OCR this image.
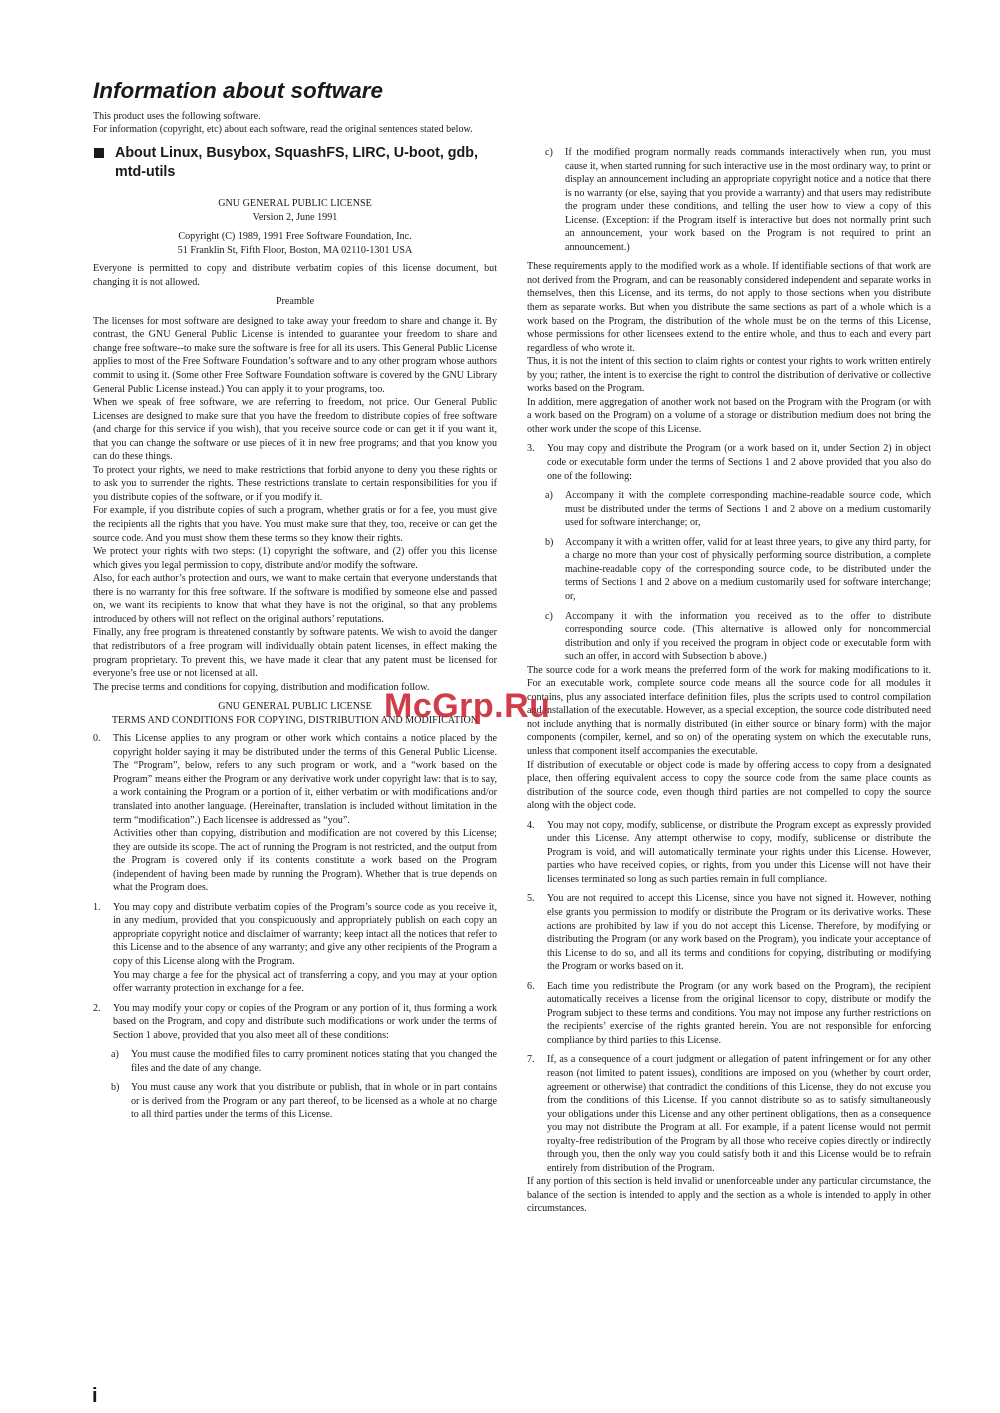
Information about software

This product uses the following software.

For information (copyright, etc) about each software, read the original sentences stated below.

About Linux, Busybox, SquashFS, LIRC, U-boot, gdb, mtd-utils

GNU GENERAL PUBLIC LICENSE

Version 2, June 1991

Copyright (C) 1989, 1991 Free Software Foundation, Inc.

51 Franklin St, Fifth Floor, Boston, MA 02110-1301 USA

Everyone is permitted to copy and distribute verbatim copies of this license document, but changing it is not allowed.

Preamble

The licenses for most software are designed to take away your freedom to share and change it. By contrast, the GNU General Public License is intended to guarantee your freedom to share and change free software--to make sure the software is free for all its users. This General Public License applies to most of the Free Software Foundation’s software and to any other program whose authors commit to using it. (Some other Free Software Foundation software is covered by the GNU Library General Public License instead.) You can apply it to your programs, too.

When we speak of free software, we are referring to freedom, not price. Our General Public Licenses are designed to make sure that you have the freedom to distribute copies of free software (and charge for this service if you wish), that you receive source code or can get it if you want it, that you can change the software or use pieces of it in new free programs; and that you know you can do these things.

To protect your rights, we need to make restrictions that forbid anyone to deny you these rights or to ask you to surrender the rights. These restrictions translate to certain responsibilities for you if you distribute copies of the software, or if you modify it.

For example, if you distribute copies of such a program, whether gratis or for a fee, you must give the recipients all the rights that you have. You must make sure that they, too, receive or can get the source code. And you must show them these terms so they know their rights.

We protect your rights with two steps: (1) copyright the software, and (2) offer you this license which gives you legal permission to copy, distribute and/or modify the software.

Also, for each author’s protection and ours, we want to make certain that everyone understands that there is no warranty for this free software. If the software is modified by someone else and passed on, we want its recipients to know that what they have is not the original, so that any problems introduced by others will not reflect on the original authors’ reputations.

Finally, any free program is threatened constantly by software patents. We wish to avoid the danger that redistributors of a free program will individually obtain patent licenses, in effect making the program proprietary. To prevent this, we have made it clear that any patent must be licensed for everyone’s free use or not licensed at all.

The precise terms and conditions for copying, distribution and modification follow.

GNU GENERAL PUBLIC LICENSE

TERMS AND CONDITIONS FOR COPYING, DISTRIBUTION AND MODIFICATION

0.	This License applies to any program or other work which contains a notice placed by the copyright holder saying it may be distributed under the terms of this General Public License. The “Program”, below, refers to any such program or work, and a “work based on the Program” means either the Program or any derivative work under copyright law: that is to say, a work containing the Program or a portion of it, either verbatim or with modifications and/or translated into another language. (Hereinafter, translation is included without limitation in the term “modification”.) Each licensee is addressed as “you”.

Activities other than copying, distribution and modification are not covered by this License; they are outside its scope. The act of running the Program is not restricted, and the output from the Program is covered only if its contents constitute a work based on the Program (independent of having been made by running the Program). Whether that is true depends on what the Program does.

1.	You may copy and distribute verbatim copies of the Program’s source code as you receive it, in any medium, provided that you conspicuously and appropriately publish on each copy an appropriate copyright notice and disclaimer of warranty; keep intact all the notices that refer to this License and to the absence of any warranty; and give any other recipients of the Program a copy of this License along with the Program.

You may charge a fee for the physical act of transferring a copy, and you may at your option offer warranty protection in exchange for a fee.

2.	You may modify your copy or copies of the Program or any portion of it, thus forming a work based on the Program, and copy and distribute such modifications or work under the terms of Section 1 above, provided that you also meet all of these conditions:

a)	You must cause the modified files to carry prominent notices stating that you changed the files and the date of any change.

b)	You must cause any work that you distribute or publish, that in whole or in part contains or is derived from the Program or any part thereof, to be licensed as a whole at no charge to all third parties under the terms of this License.

c)	If the modified program normally reads commands interactively when run, you must cause it, when started running for such interactive use in the most ordinary way, to print or display an announcement including an appropriate copyright notice and a notice that there is no warranty (or else, saying that you provide a warranty) and that users may redistribute the program under these conditions, and telling the user how to view a copy of this License. (Exception: if the Program itself is interactive but does not normally print such an announcement, your work based on the Program is not required to print an announcement.)

These requirements apply to the modified work as a whole. If identifiable sections of that work are not derived from the Program, and can be reasonably considered independent and separate works in themselves, then this License, and its terms, do not apply to those sections when you distribute them as separate works. But when you distribute the same sections as part of a whole which is a work based on the Program, the distribution of the whole must be on the terms of this License, whose permissions for other licensees extend to the entire whole, and thus to each and every part regardless of who wrote it.

Thus, it is not the intent of this section to claim rights or contest your rights to work written entirely by you; rather, the intent is to exercise the right to control the distribution of derivative or collective works based on the Program.

In addition, mere aggregation of another work not based on the Program with the Program (or with a work based on the Program) on a volume of a storage or distribution medium does not bring the other work under the scope of this License.

3.	You may copy and distribute the Program (or a work based on it, under Section 2) in object code or executable form under the terms of Sections 1 and 2 above provided that you also do one of the following:

a)	Accompany it with the complete corresponding machine-readable source code, which must be distributed under the terms of Sections 1 and 2 above on a medium customarily used for software interchange; or,

b)	Accompany it with a written offer, valid for at least three years, to give any third party, for a charge no more than your cost of physically performing source distribution, a complete machine-readable copy of the corresponding source code, to be distributed under the terms of Sections 1 and 2 above on a medium customarily used for software interchange; or,

c)	Accompany it with the information you received as to the offer to distribute corresponding source code. (This alternative is allowed only for noncommercial distribution and only if you received the program in object code or executable form with such an offer, in accord with Subsection b above.)

The source code for a work means the preferred form of the work for making modifications to it. For an executable work, complete source code means all the source code for all modules it contains, plus any associated interface definition files, plus the scripts used to control compilation and installation of the executable. However, as a special exception, the source code distributed need not include anything that is normally distributed (in either source or binary form) with the major components (compiler, kernel, and so on) of the operating system on which the executable runs, unless that component itself accompanies the executable.

If distribution of executable or object code is made by offering access to copy from a designated place, then offering equivalent access to copy the source code from the same place counts as distribution of the source code, even though third parties are not compelled to copy the source along with the object code.

4.	You may not copy, modify, sublicense, or distribute the Program except as expressly provided under this License. Any attempt otherwise to copy, modify, sublicense or distribute the Program is void, and will automatically terminate your rights under this License. However, parties who have received copies, or rights, from you under this License will not have their licenses terminated so long as such parties remain in full compliance.

5.	You are not required to accept this License, since you have not signed it. However, nothing else grants you permission to modify or distribute the Program or its derivative works. These actions are prohibited by law if you do not accept this License. Therefore, by modifying or distributing the Program (or any work based on the Program), you indicate your acceptance of this License to do so, and all its terms and conditions for copying, distributing or modifying the Program or works based on it.

6.	Each time you redistribute the Program (or any work based on the Program), the recipient automatically receives a license from the original licensor to copy, distribute or modify the Program subject to these terms and conditions. You may not impose any further restrictions on the recipients’ exercise of the rights granted herein. You are not responsible for enforcing compliance by third parties to this License.

7.	If, as a consequence of a court judgment or allegation of patent infringement or for any other reason (not limited to patent issues), conditions are imposed on you (whether by court order, agreement or otherwise) that contradict the conditions of this License, they do not excuse you from the conditions of this License. If you cannot distribute so as to satisfy simultaneously your obligations under this License and any other pertinent obligations, then as a consequence you may not distribute the Program at all. For example, if a patent license would not permit royalty-free redistribution of the Program by all those who receive copies directly or indirectly through you, then the only way you could satisfy both it and this License would be to refrain entirely from distribution of the Program.

If any portion of this section is held invalid or unenforceable under any particular circumstance, the balance of the section is intended to apply and the section as a whole is intended to apply in other circumstances.

McGrp.Ru
i
